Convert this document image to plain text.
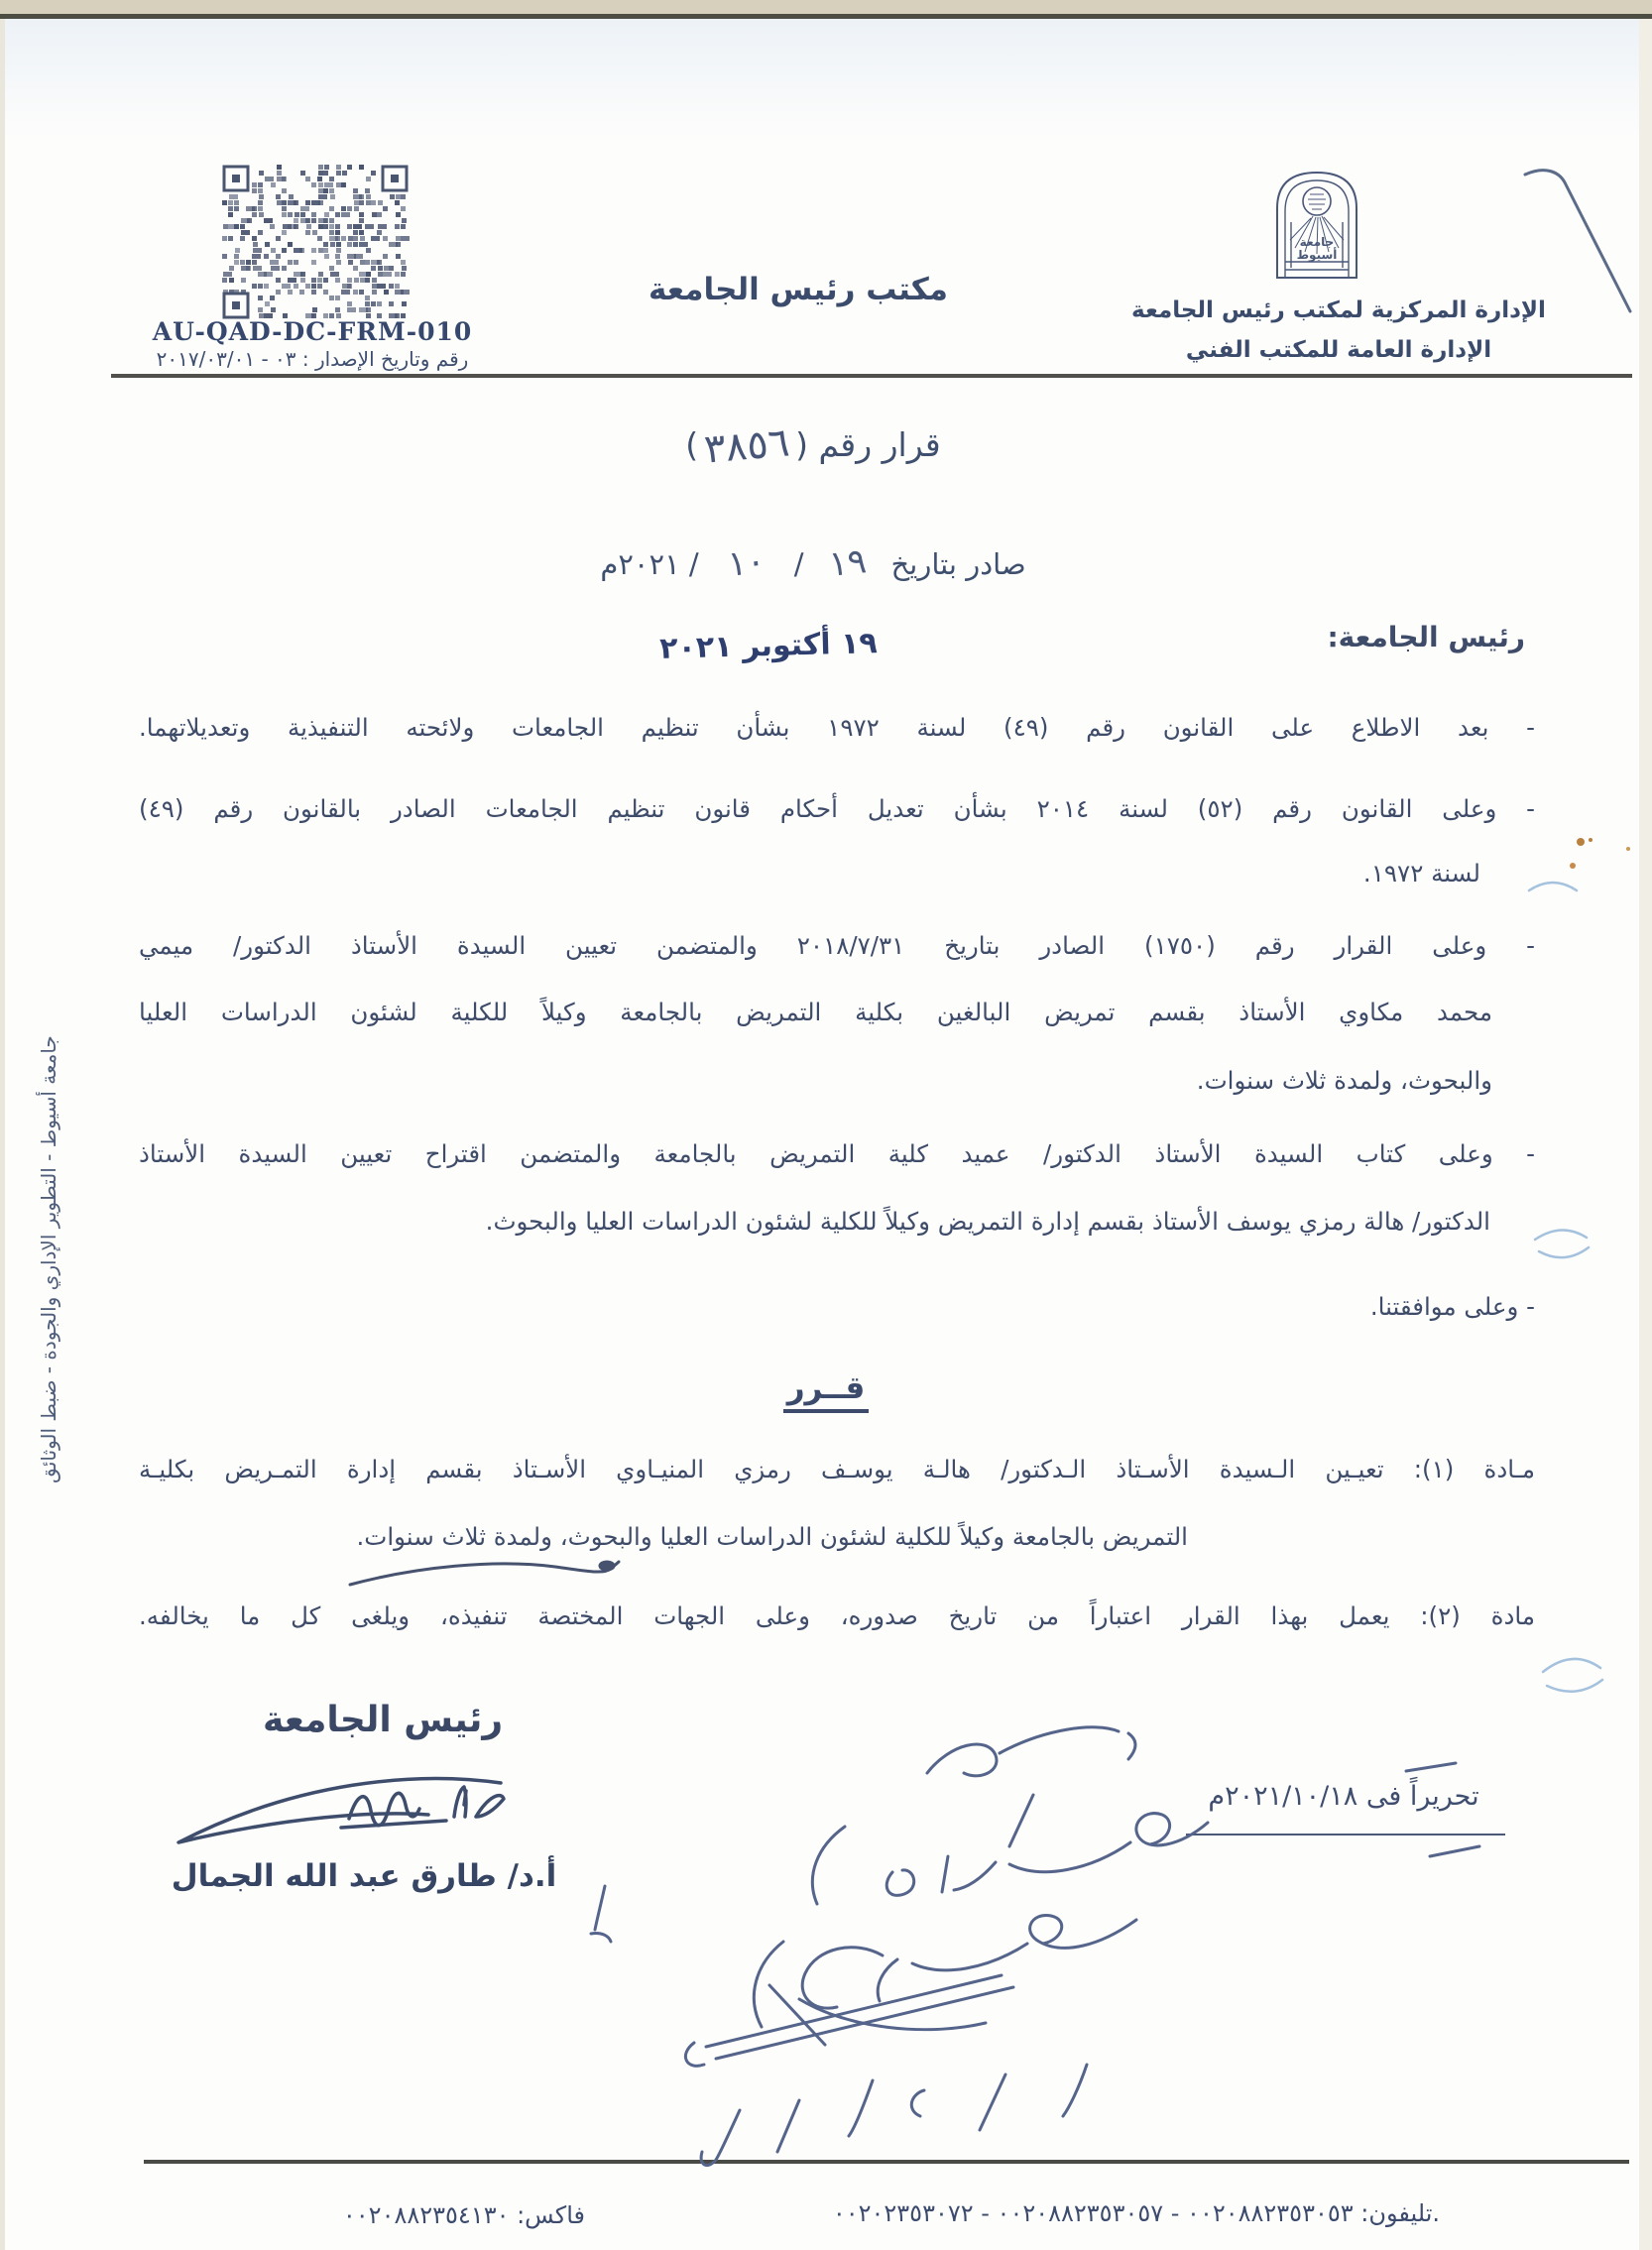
AU-QAD-DC-FRM-010
رقم وتاريخ الإصدار : ٠٣ - ٢٠١٧/٠٣/٠١
مكتب رئيس الجامعة
جامعة
أسيوط
الإدارة المركزية لمكتب رئيس الجامعة
الإدارة العامة للمكتب الفني
قرار رقم (٣٨٥٦)
صادر بتاريخ ١٩ / ١٠ / ٢٠٢١م
١٩ أكتوبر ٢٠٢١	رئيس الجامعة:
- بعد الاطلاع على القانون رقم (٤٩) لسنة ١٩٧٢ بشأن تنظيم الجامعات ولائحته التنفيذية وتعديلاتهما.
- وعلى القانون رقم (٥٢) لسنة ٢٠١٤ بشأن تعديل أحكام قانون تنظيم الجامعات الصادر بالقانون رقم (٤٩)
لسنة ١٩٧٢.
- وعلى القرار رقم (١٧٥٠) الصادر بتاريخ ٢٠١٨/٧/٣١ والمتضمن تعيين السيدة الأستاذ الدكتور/ ميمي
محمد مكاوي الأستاذ بقسم تمريض البالغين بكلية التمريض بالجامعة وكيلاً للكلية لشئون الدراسات العليا
والبحوث، ولمدة ثلاث سنوات.
- وعلى كتاب السيدة الأستاذ الدكتور/ عميد كلية التمريض بالجامعة والمتضمن اقتراح تعيين السيدة الأستاذ
الدكتور/ هالة رمزي يوسف الأستاذ بقسم إدارة التمريض وكيلاً للكلية لشئون الدراسات العليا والبحوث.
- وعلى موافقتنا.
قــرر
مـادة (١): تعيـين الـسيدة الأسـتاذ الـدكتور/ هالـة يوسـف رمزي المنيـاوي الأسـتاذ بقسم إدارة التمـريض بكليـة
التمريض بالجامعة وكيلاً للكلية لشئون الدراسات العليا والبحوث، ولمدة ثلاث سنوات.
مادة (٢): يعمل بهذا القرار اعتباراً من تاريخ صدوره، وعلى الجهات المختصة تنفيذه، ويلغى كل ما يخالفه.
رئيس الجامعة
أ.د/ طارق عبد الله الجمال
تحريراً فى ٢٠٢١/١٠/١٨م
.تليفون: ٠٠٢٠٨٨٢٣٥٣٠٥٣ - ٠٠٢٠٨٨٢٣٥٣٠٥٧ - ٠٠٢٠٢٣٥٣٠٧٢
فاكس: ٠٠٢٠٨٨٢٣٥٤١٣٠
جامعة أسيوط - التطوير الإداري والجودة - ضبط الوثائق
